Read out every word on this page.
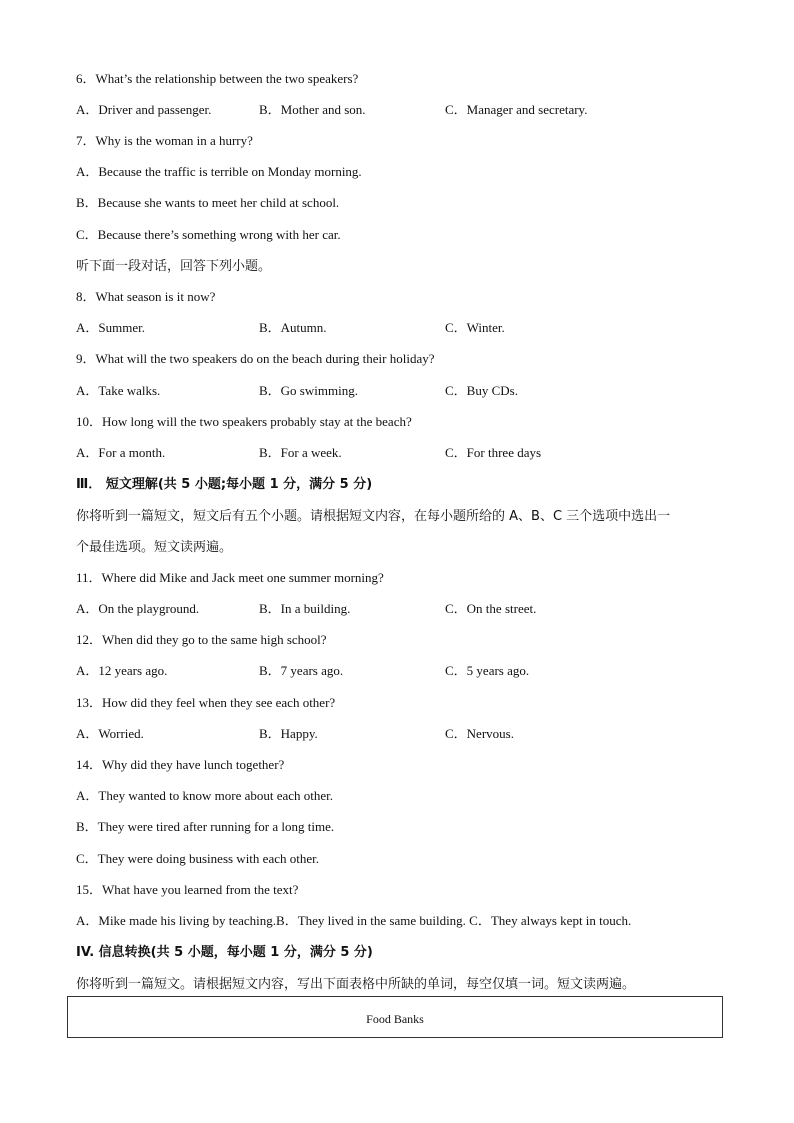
6．What’s the relationship between the two speakers?
A．Driver and passenger.	B．Mother and son.	C．Manager and secretary.
7．Why is the woman in a hurry?
A．Because the traffic is terrible on Monday morning.
B．Because she wants to meet her child at school.
C．Because there’s something wrong with her car.
听下面一段对话，回答下列小题。
8．What season is it now?
A．Summer.	B．Autumn.	C．Winter.
9．What will the two speakers do on the beach during their holiday?
A．Take walks.	B．Go swimming.	C．Buy CDs.
10．How long will the two speakers probably stay at the beach?
A．For a month.	B．For a week.	C．For three days
Ⅲ． 短文理解(共 5 小题;每小题 1 分，满分 5 分)
你将听到一篇短文，短文后有五个小题。请根据短文内容，在每小题所给的 A、B、C 三个选项中选出一
个最佳选项。短文读两遍。
11．Where did Mike and Jack meet one summer morning?
A．On the playground.	B．In a building.	C．On the street.
12．When did they go to the same high school?
A．12 years ago.	B．7 years ago.	C．5 years ago.
13．How did they feel when they see each other?
A．Worried.	B．Happy.	C．Nervous.
14．Why did they have lunch together?
A．They wanted to know more about each other.
B．They were tired after running for a long time.
C．They were doing business with each other.
15．What have you learned from the text?
A．Mike made his living by teaching.B．They lived in the same building. C．They always kept in touch.
IV. 信息转换(共 5 小题，每小题 1 分，满分 5 分)
你将听到一篇短文。请根据短文内容，写出下面表格中所缺的单词，每空仅填一词。短文读两遍。
Food Banks
